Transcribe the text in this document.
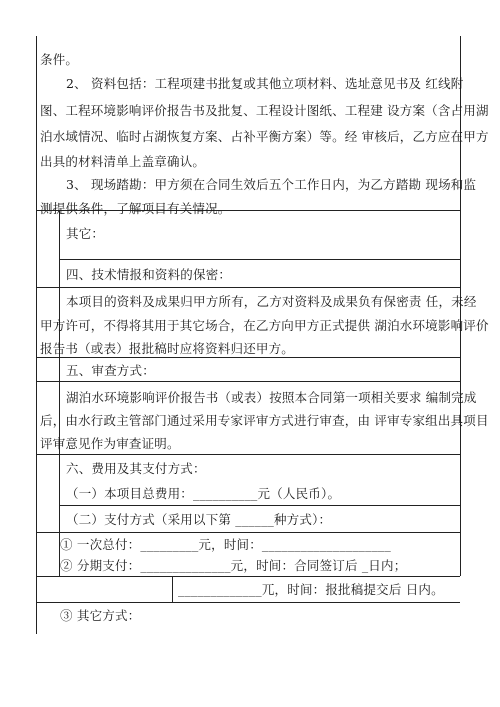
条件。
2、 资料包括：工程项建书批复或其他立项材料、选址意见书及 红线附
图、工程环境影响评价报告书及批复、工程设计图纸、工程建 设方案（含占用湖
泊水域情况、临时占湖恢复方案、占补平衡方案）等。经 审核后，乙方应在甲方
出具的材料清单上盖章确认。
3、 现场踏勘：甲方须在合同生效后五个工作日内，为乙方踏勘 现场和监
测提供条件，了解项目有关情况。
其它：
四、技术情报和资料的保密：
本项目的资料及成果归甲方所有，乙方对资料及成果负有保密责 任，未经
甲方许可，不得将其用于其它场合，在乙方向甲方正式提供 湖泊水环境影响评价
报告书（或表）报批稿时应将资料归还甲方。
五、审查方式：
湖泊水环境影响评价报告书（或表）按照本合同第一项相关要求 编制完成
后，由水行政主管部门通过采用专家评审方式进行审查，由 评审专家组出具项目
评审意见作为审查证明。
六、费用及其支付方式：
（一）本项目总费用：__________元（人民币）。
（二）支付方式（采用以下第 ______种方式）：
① 一次总付：_________元，时间：____________________
② 分期支付：______________元，时间：合同签订后 _日内；
_____________兀，时间：报批稿提交后 日内。
③ 其它方式：
